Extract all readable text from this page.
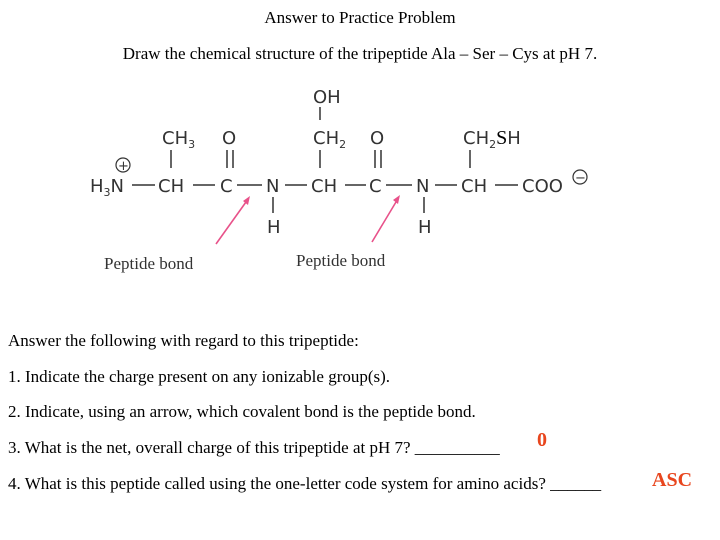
Answer to Practice Problem
Draw the chemical structure of the tripeptide Ala – Ser – Cys at pH 7.
OH
$CH_3$ O	$CH_2$ O	$CH_2SH$
+
−
$H_3N$ CH C N CH C N CH COO
H	H
Peptide bond	Peptide bond
Answer the following with regard to this tripeptide:
1. Indicate the charge present on any ionizable group(s).
2. Indicate, using an arrow, which covalent bond is the peptide bond.
3. What is the net, overall charge of this tripeptide at pH 7? __________ 0
4. What is this peptide called using the one-letter code system for amino acids? ______	ASC
